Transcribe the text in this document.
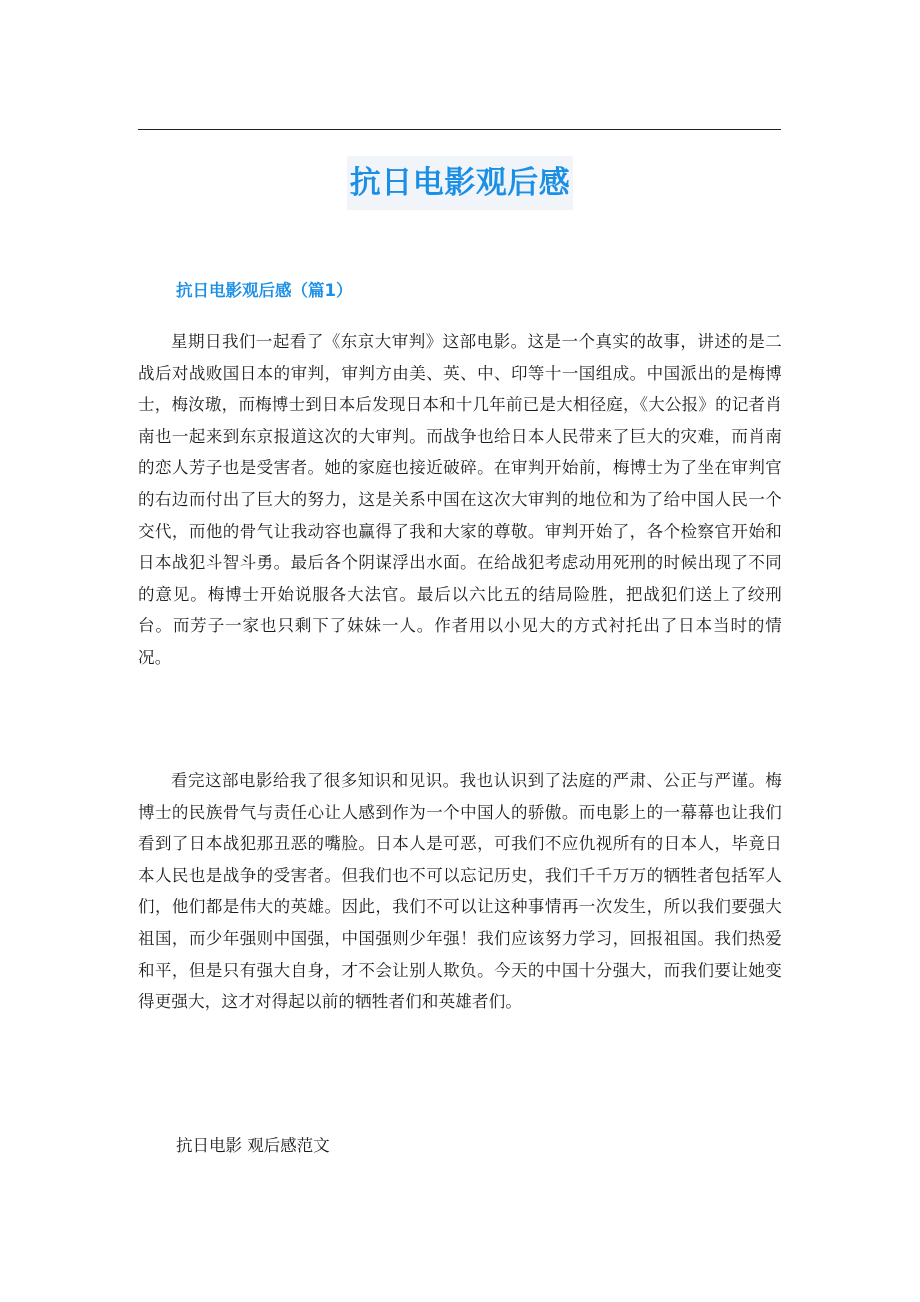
抗日电影观后感
抗日电影观后感（篇1）

星期日我们一起看了《东京大审判》这部电影。这是一个真实的故事，讲述的是二战后对战败国日本的审判，审判方由美、英、中、印等十一国组成。中国派出的是梅博士，梅汝璈，而梅博士到日本后发现日本和十几年前已是大相径庭，《大公报》的记者肖南也一起来到东京报道这次的大审判。而战争也给日本人民带来了巨大的灾难，而肖南的恋人芳子也是受害者。她的家庭也接近破碎。在审判开始前，梅博士为了坐在审判官的右边而付出了巨大的努力，这是关系中国在这次大审判的地位和为了给中国人民一个交代，而他的骨气让我动容也赢得了我和大家的尊敬。审判开始了，各个检察官开始和日本战犯斗智斗勇。最后各个阴谋浮出水面。在给战犯考虑动用死刑的时候出现了不同的意见。梅博士开始说服各大法官。最后以六比五的结局险胜，把战犯们送上了绞刑台。而芳子一家也只剩下了妹妹一人。作者用以小见大的方式衬托出了日本当时的情况。

看完这部电影给我了很多知识和见识。我也认识到了法庭的严肃、公正与严谨。梅博士的民族骨气与责任心让人感到作为一个中国人的骄傲。而电影上的一幕幕也让我们看到了日本战犯那丑恶的嘴脸。日本人是可恶，可我们不应仇视所有的日本人，毕竟日本人民也是战争的受害者。但我们也不可以忘记历史，我们千千万万的牺牲者包括军人们，他们都是伟大的英雄。因此，我们不可以让这种事情再一次发生，所以我们要强大祖国，而少年强则中国强，中国强则少年强！我们应该努力学习，回报祖国。我们热爱和平，但是只有强大自身，才不会让别人欺负。今天的中国十分强大，而我们要让她变得更强大，这才对得起以前的牺牲者们和英雄者们。

抗日电影 观后感范文
